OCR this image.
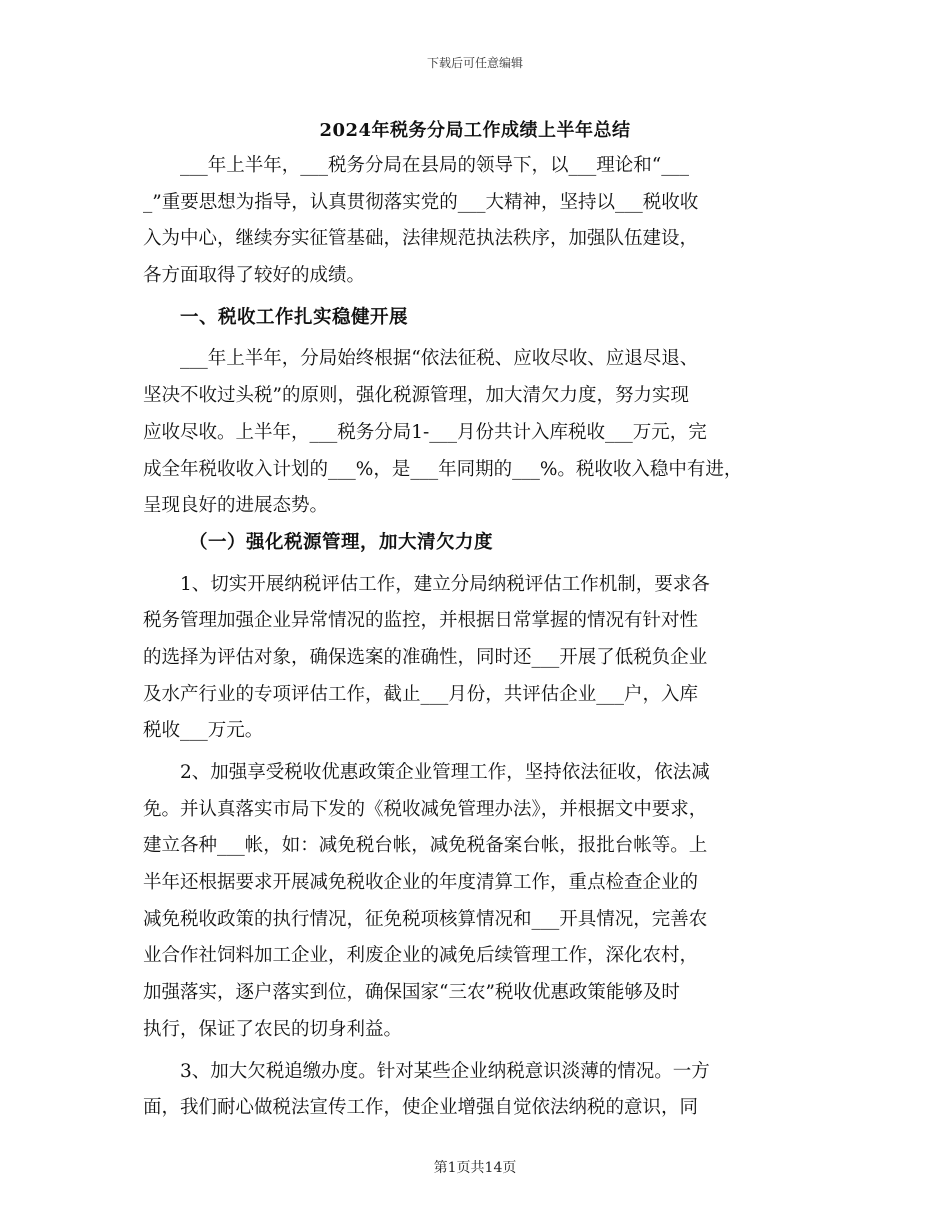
下载后可任意编辑
2024年税务分局工作成绩上半年总结
___年上半年，___税务分局在县局的领导下，以___理论和“___
_”重要思想为指导，认真贯彻落实党的___大精神，坚持以___税收收
入为中心，继续夯实征管基础，法律规范执法秩序，加强队伍建设，
各方面取得了较好的成绩。
一、税收工作扎实稳健开展
___年上半年，分局始终根据“依法征税、应收尽收、应退尽退、
坚决不收过头税”的原则，强化税源管理，加大清欠力度，努力实现
应收尽收。上半年，___税务分局1-___月份共计入库税收___万元，完
成全年税收收入计划的___%，是___年同期的___%。税收收入稳中有进，
呈现良好的进展态势。
（一）强化税源管理，加大清欠力度
1、切实开展纳税评估工作，建立分局纳税评估工作机制，要求各
税务管理加强企业异常情况的监控，并根据日常掌握的情况有针对性
的选择为评估对象，确保选案的准确性，同时还___开展了低税负企业
及水产行业的专项评估工作，截止___月份，共评估企业___户，入库
税收___万元。
2、加强享受税收优惠政策企业管理工作，坚持依法征收，依法减
免。并认真落实市局下发的《税收减免管理办法》，并根据文中要求，
建立各种___帐，如：减免税台帐，减免税备案台帐，报批台帐等。上
半年还根据要求开展减免税收企业的年度清算工作，重点检查企业的
减免税收政策的执行情况，征免税项核算情况和___开具情况，完善农
业合作社饲料加工企业，利废企业的减免后续管理工作，深化农村，
加强落实，逐户落实到位，确保国家“三农”税收优惠政策能够及时
执行，保证了农民的切身利益。
3、加大欠税追缴办度。针对某些企业纳税意识淡薄的情况。一方
面，我们耐心做税法宣传工作，使企业增强自觉依法纳税的意识，同
第1页共14页
